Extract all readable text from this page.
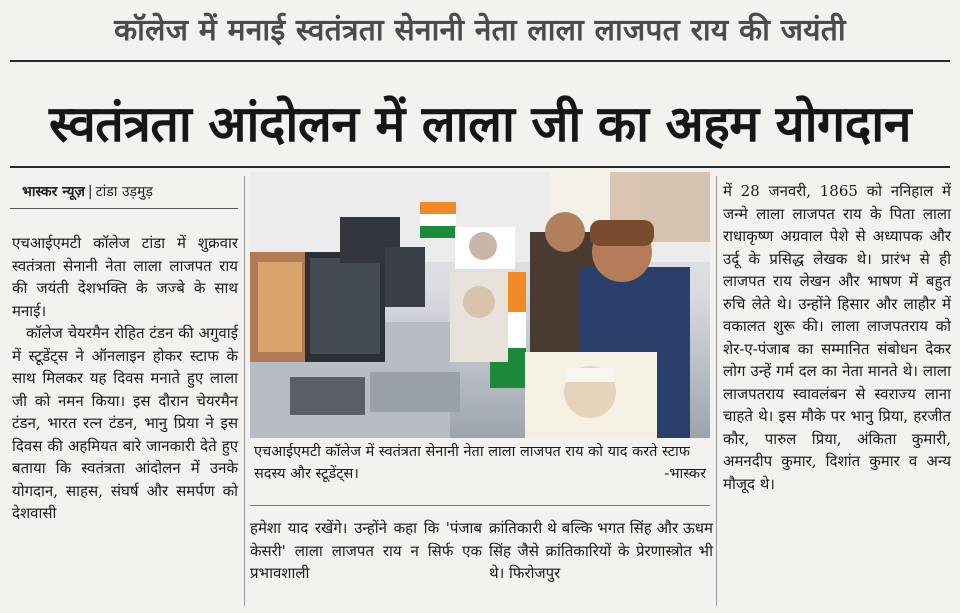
कॉलेज में मनाई स्वतंत्रता सेनानी नेता लाला लाजपत राय की जयंती
स्वतंत्रता आंदोलन में लाला जी का अहम योगदान
भास्कर न्यूज़ | टांडा उड़मुड़

एचआईएमटी कॉलेज टांडा में शुक्रवार स्वतंत्रता सेनानी नेता लाला लाजपत राय की जयंती देशभक्ति के जज्बे के साथ मनाई।

कॉलेज चेयरमैन रोहित टंडन की अगुवाई में स्टूडेंट्स ने ऑनलाइन होकर स्टाफ के साथ मिलकर यह दिवस मनाते हुए लाला जी को नमन किया। इस दौरान चेयरमैन टंडन, भारत रत्न टंडन, भानु प्रिया ने इस दिवस की अहमियत बारे जानकारी देते हुए बताया कि स्वतंत्रता आंदोलन में उनके योगदान, साहस, संघर्ष और समर्पण को देशवासी

एचआईएमटी कॉलेज में स्वतंत्रता सेनानी नेता लाला लाजपत राय को याद करते स्टाफ सदस्य और स्टूडेंट्स।	-भास्कर

हमेशा याद रखेंगे। उन्होंने कहा कि 'पंजाब केसरी' लाला लाजपत राय न सिर्फ एक प्रभावशाली

क्रांतिकारी थे बल्कि भगत सिंह और ऊधम सिंह जैसे क्रांतिकारियों के प्रेरणास्त्रोत भी थे। फिरोजपुर

में 28 जनवरी, 1865 को ननिहाल में जन्मे लाला लाजपत राय के पिता लाला राधाकृष्ण अग्रवाल पेशे से अध्यापक और उर्दू के प्रसिद्ध लेखक थे। प्रारंभ से ही लाजपत राय लेखन और भाषण में बहुत रुचि लेते थे। उन्होंने हिसार और लाहौर में वकालत शुरू की। लाला लाजपतराय को शेर-ए-पंजाब का सम्मानित संबोधन देकर लोग उन्हें गर्म दल का नेता मानते थे। लाला लाजपतराय स्वावलंबन से स्वराज्य लाना चाहते थे। इस मौके पर भानु प्रिया, हरजीत कौर, पारुल प्रिया, अंकिता कुमारी, अमनदीप कुमार, दिशांत कुमार व अन्य मौजूद थे।
